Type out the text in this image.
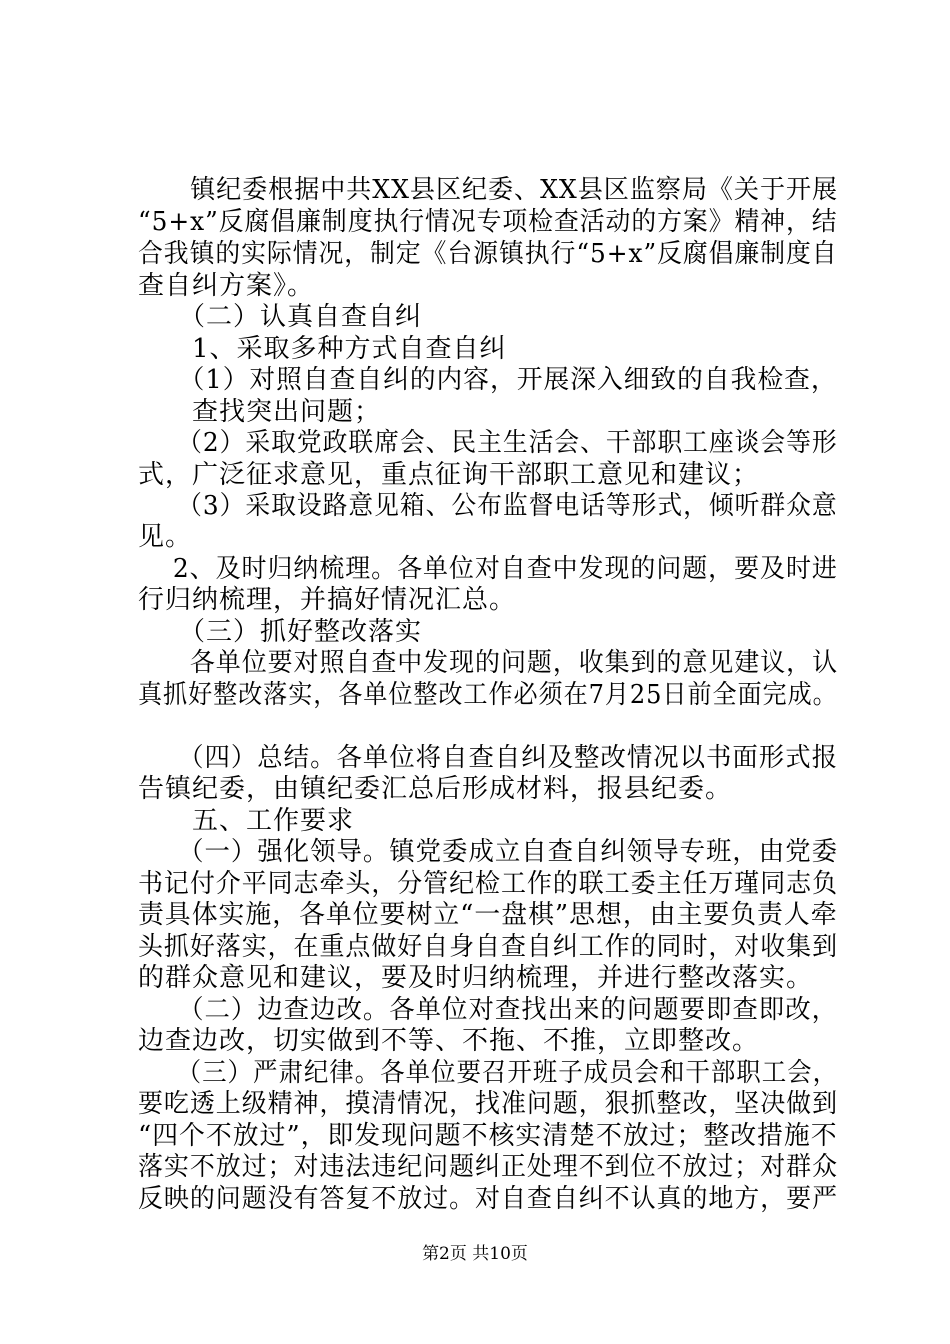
　　镇纪委根据中共XX县区纪委、XX县区监察局《关于开展
“5+x”反腐倡廉制度执行情况专项检查活动的方案》精神，结
合我镇的实际情况，制定《台源镇执行“5+x”反腐倡廉制度自
查自纠方案》。
　　（二）认真自查自纠
　　1、采取多种方式自查自纠
　　（1）对照自查自纠的内容，开展深入细致的自我检查，
　　查找突出问题；
　　（2）采取党政联席会、民主生活会、干部职工座谈会等形
式，广泛征求意见，重点征询干部职工意见和建议；
　　（3）采取设路意见箱、公布监督电话等形式，倾听群众意
见。
　 2、及时归纳梳理。各单位对自查中发现的问题，要及时进
行归纳梳理，并搞好情况汇总。
　　（三）抓好整改落实
　　各单位要对照自查中发现的问题，收集到的意见建议，认
真抓好整改落实，各单位整改工作必须在7月25日前全面完成。
　　（四）总结。各单位将自查自纠及整改情况以书面形式报
告镇纪委，由镇纪委汇总后形成材料，报县纪委。
　　五、工作要求
　　（一）强化领导。镇党委成立自查自纠领导专班，由党委
书记付介平同志牵头，分管纪检工作的联工委主任万瑾同志负
责具体实施，各单位要树立“一盘棋”思想，由主要负责人牵
头抓好落实，在重点做好自身自查自纠工作的同时，对收集到
的群众意见和建议，要及时归纳梳理，并进行整改落实。
　　（二）边查边改。各单位对查找出来的问题要即查即改，
边查边改，切实做到不等、不拖、不推，立即整改。
　　（三）严肃纪律。各单位要召开班子成员会和干部职工会，
要吃透上级精神，摸清情况，找准问题，狠抓整改，坚决做到
“四个不放过”，即发现问题不核实清楚不放过；整改措施不
落实不放过；对违法违纪问题纠正处理不到位不放过；对群众
反映的问题没有答复不放过。对自查自纠不认真的地方，要严
第2页 共10页
